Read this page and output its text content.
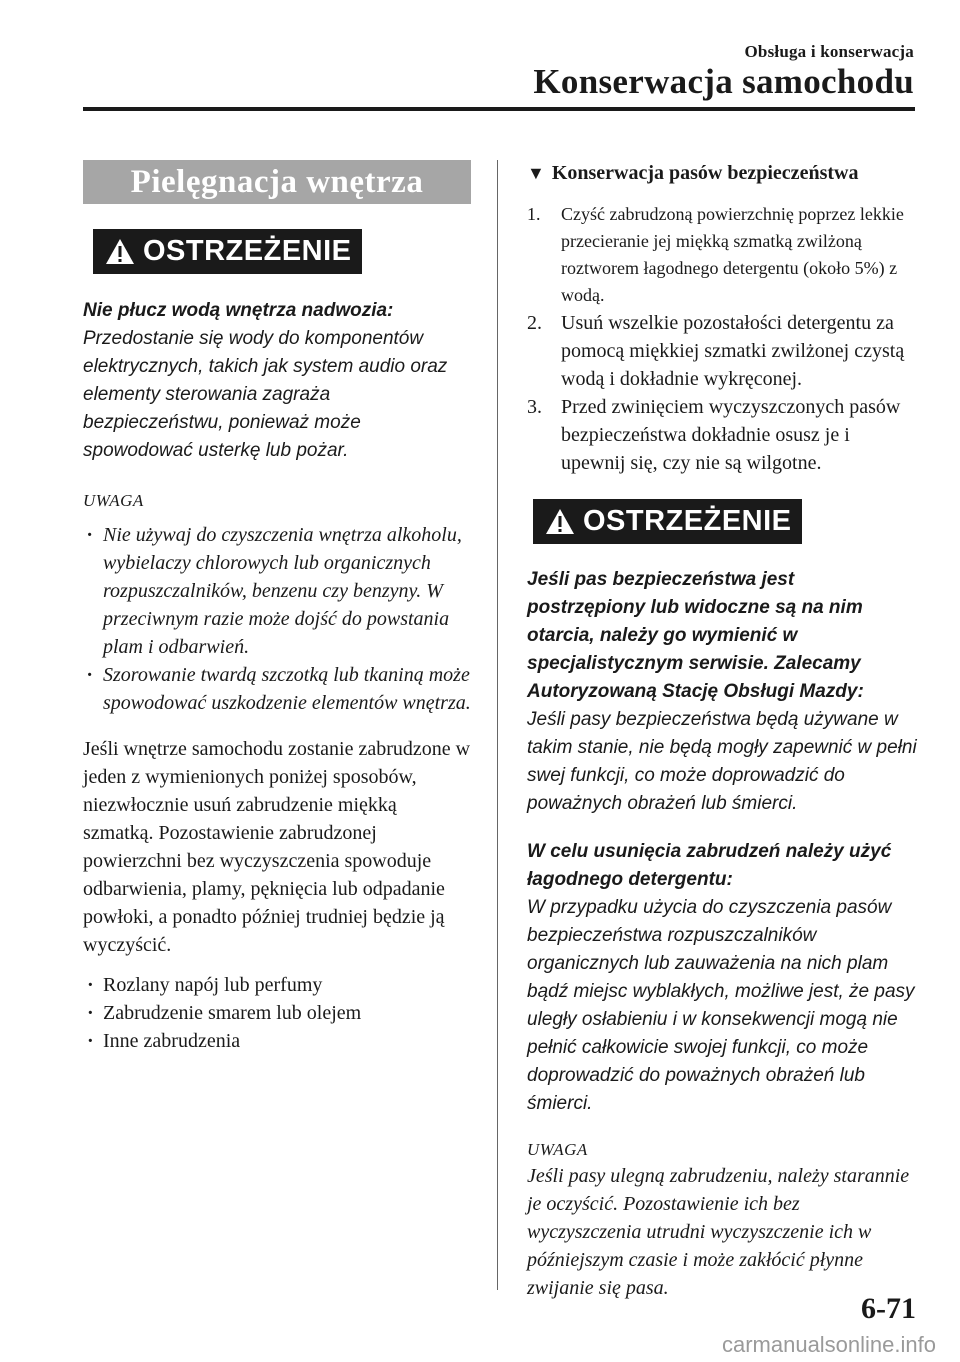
Obsługa i konserwacja
Konserwacja samochodu
Pielęgnacja wnętrza
OSTRZEŻENIE
Nie płucz wodą wnętrza nadwozia:
Przedostanie się wody do komponentów elektrycznych, takich jak system audio oraz elementy sterowania zagraża bezpieczeństwu, ponieważ może spowodować usterkę lub pożar.
UWAGA
· Nie używaj do czyszczenia wnętrza alkoholu, wybielaczy chlorowych lub organicznych rozpuszczalników, benzenu czy benzyny. W przeciwnym razie może dojść do powstania plam i odbarwień.
· Szorowanie twardą szczotką lub tkaniną może spowodować uszkodzenie elementów wnętrza.
Jeśli wnętrze samochodu zostanie zabrudzone w jeden z wymienionych poniżej sposobów, niezwłocznie usuń zabrudzenie miękką szmatką. Pozostawienie zabrudzonej powierzchni bez wyczyszczenia spowoduje odbarwienia, plamy, pęknięcia lub odpadanie powłoki, a ponadto później trudniej będzie ją wyczyścić.
· Rozlany napój lub perfumy
· Zabrudzenie smarem lub olejem
· Inne zabrudzenia
▼ Konserwacja pasów bezpieczeństwa
1. Czyść zabrudzoną powierzchnię poprzez lekkie przecieranie jej miękką szmatką zwilżoną roztworem łagodnego detergentu (około 5%) z wodą.
2. Usuń wszelkie pozostałości detergentu za pomocą miękkiej szmatki zwilżonej czystą wodą i dokładnie wykręconej.
3. Przed zwinięciem wyczyszczonych pasów bezpieczeństwa dokładnie osusz je i upewnij się, czy nie są wilgotne.
OSTRZEŻENIE
Jeśli pas bezpieczeństwa jest postrzępiony lub widoczne są na nim otarcia, należy go wymienić w specjalistycznym serwisie. Zalecamy Autoryzowaną Stację Obsługi Mazdy:
Jeśli pasy bezpieczeństwa będą używane w takim stanie, nie będą mogły zapewnić w pełni swej funkcji, co może doprowadzić do poważnych obrażeń lub śmierci.
W celu usunięcia zabrudzeń należy użyć łagodnego detergentu:
W przypadku użycia do czyszczenia pasów bezpieczeństwa rozpuszczalników organicznych lub zauważenia na nich plam bądź miejsc wyblakłych, możliwe jest, że pasy uległy osłabieniu i w konsekwencji mogą nie pełnić całkowicie swojej funkcji, co może doprowadzić do poważnych obrażeń lub śmierci.
UWAGA
Jeśli pasy ulegną zabrudzeniu, należy starannie je oczyścić. Pozostawienie ich bez wyczyszczenia utrudni wyczyszczenie ich w późniejszym czasie i może zakłócić płynne zwijanie się pasa.
6-71
carmanualsonline.info
